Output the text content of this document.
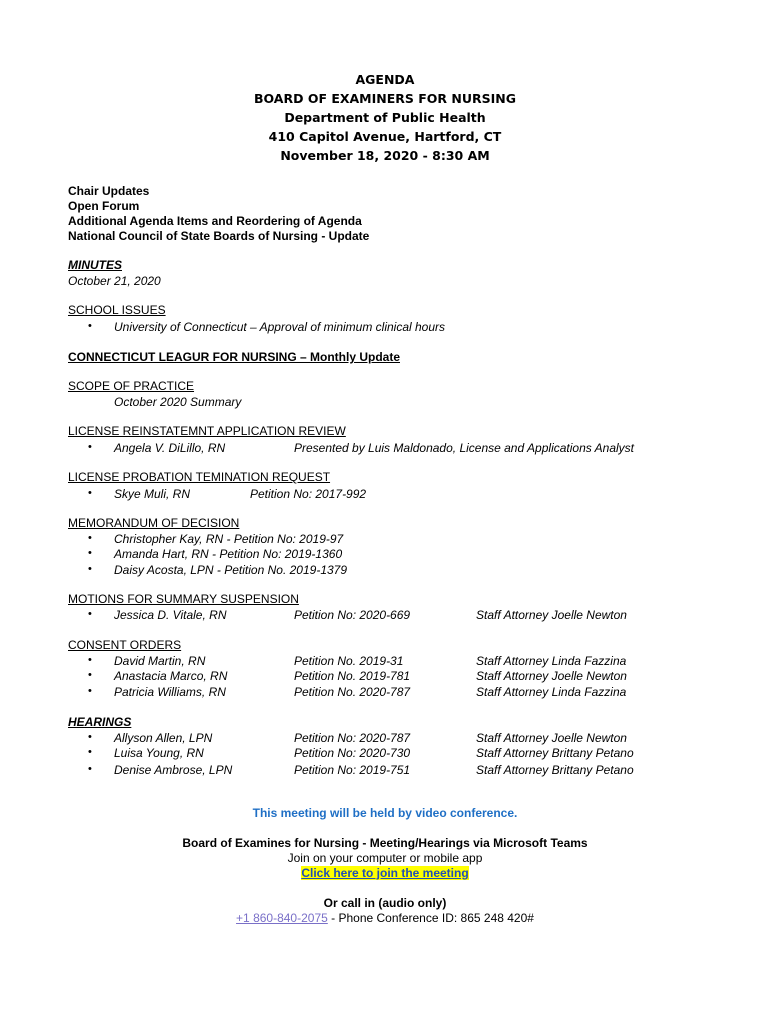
AGENDA
BOARD OF EXAMINERS FOR NURSING
Department of Public Health
410 Capitol Avenue, Hartford, CT
November 18, 2020 - 8:30 AM
Chair Updates
Open Forum
Additional Agenda Items and Reordering of Agenda
National Council of State Boards of Nursing - Update
MINUTES
October 21, 2020
SCHOOL ISSUES
• University of Connecticut – Approval of minimum clinical hours
CONNECTICUT LEAGUR FOR NURSING – Monthly Update
SCOPE OF PRACTICE
October 2020 Summary
LICENSE REINSTATEMNT APPLICATION REVIEW
• Angela V. DiLillo, RN	Presented by Luis Maldonado, License and Applications Analyst
LICENSE PROBATION TEMINATION REQUEST
• Skye Muli, RN	Petition No: 2017-992
MEMORANDUM OF DECISION
• Christopher Kay, RN - Petition No: 2019-97
• Amanda Hart, RN - Petition No: 2019-1360
• Daisy Acosta, LPN - Petition No. 2019-1379
MOTIONS FOR SUMMARY SUSPENSION
• Jessica D. Vitale, RN	Petition No: 2020-669	Staff Attorney Joelle Newton
CONSENT ORDERS
• David Martin, RN	Petition No. 2019-31	Staff Attorney Linda Fazzina
• Anastacia Marco, RN	Petition No. 2019-781	Staff Attorney Joelle Newton
• Patricia Williams, RN	Petition No. 2020-787	Staff Attorney Linda Fazzina
HEARINGS
• Allyson Allen, LPN	Petition No: 2020-787	Staff Attorney Joelle Newton
• Luisa Young, RN	Petition No: 2020-730	Staff Attorney Brittany Petano
• Denise Ambrose, LPN	Petition No: 2019-751	Staff Attorney Brittany Petano
This meeting will be held by video conference.
Board of Examines for Nursing - Meeting/Hearings via Microsoft Teams
Join on your computer or mobile app
Click here to join the meeting
Or call in (audio only)
+1 860-840-2075 - Phone Conference ID: 865 248 420#
